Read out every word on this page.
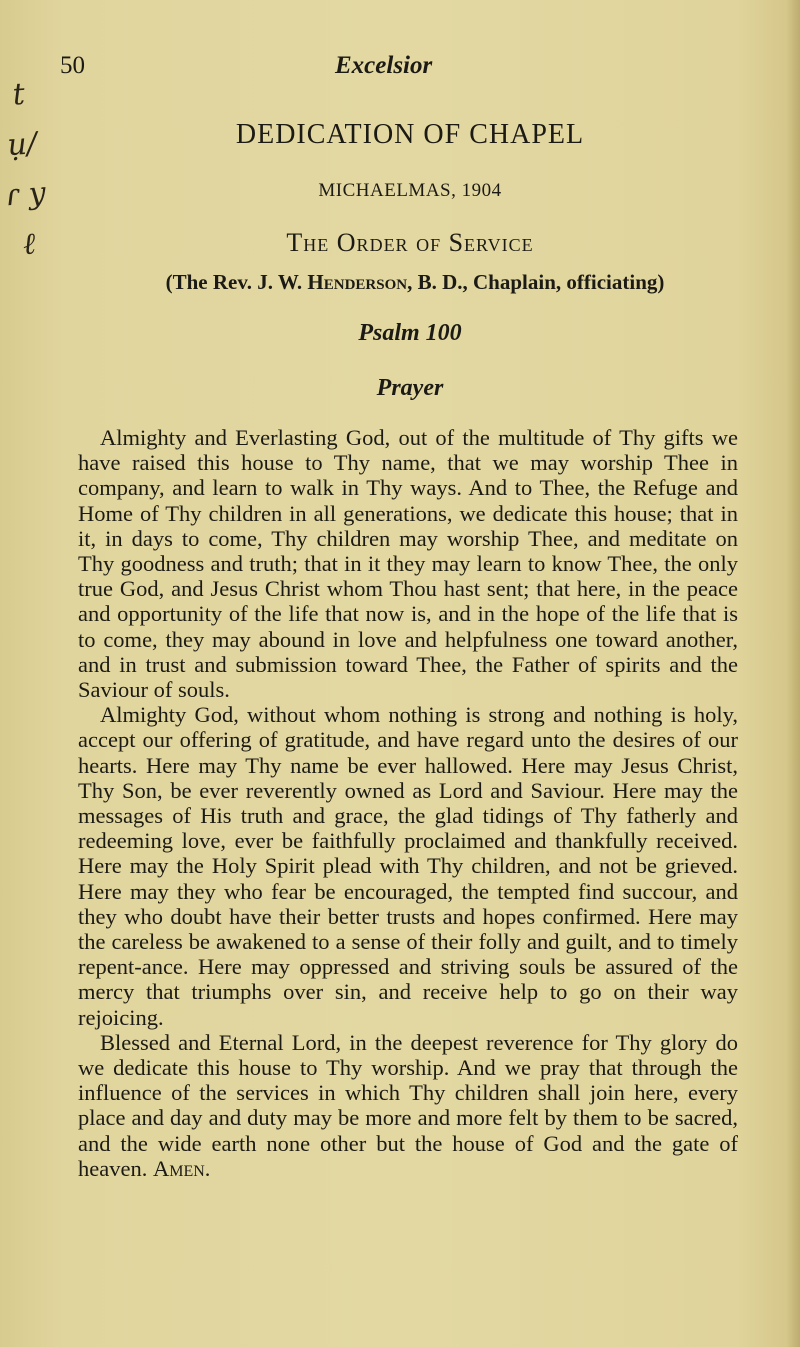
t ụ/ ɾ y ℓ
50	Excelsior
DEDICATION OF CHAPEL
MICHAELMAS, 1904
The Order of Service
(The Rev. J. W. Henderson, B. D., Chaplain, officiating)
Psalm 100
Prayer

Almighty and Everlasting God, out of the multitude of Thy gifts we have raised this house to Thy name, that we may worship Thee in company, and learn to walk in Thy ways. And to Thee, the Refuge and Home of Thy children in all generations, we dedicate this house; that in it, in days to come, Thy children may worship Thee, and meditate on Thy goodness and truth; that in it they may learn to know Thee, the only true God, and Jesus Christ whom Thou hast sent; that here, in the peace and opportunity of the life that now is, and in the hope of the life that is to come, they may abound in love and helpfulness one toward another, and in trust and submission toward Thee, the Father of spirits and the Saviour of souls.

Almighty God, without whom nothing is strong and nothing is holy, accept our offering of gratitude, and have regard unto the desires of our hearts. Here may Thy name be ever hallowed. Here may Jesus Christ, Thy Son, be ever reverently owned as Lord and Saviour. Here may the messages of His truth and grace, the glad tidings of Thy fatherly and redeeming love, ever be faithfully proclaimed and thankfully received. Here may the Holy Spirit plead with Thy children, and not be grieved. Here may they who fear be encouraged, the tempted find succour, and they who doubt have their better trusts and hopes confirmed. Here may the careless be awakened to a sense of their folly and guilt, and to timely repent-ance. Here may oppressed and striving souls be assured of the mercy that triumphs over sin, and receive help to go on their way rejoicing.

Blessed and Eternal Lord, in the deepest reverence for Thy glory do we dedicate this house to Thy worship. And we pray that through the influence of the services in which Thy children shall join here, every place and day and duty may be more and more felt by them to be sacred, and the wide earth none other but the house of God and the gate of heaven. Amen.
